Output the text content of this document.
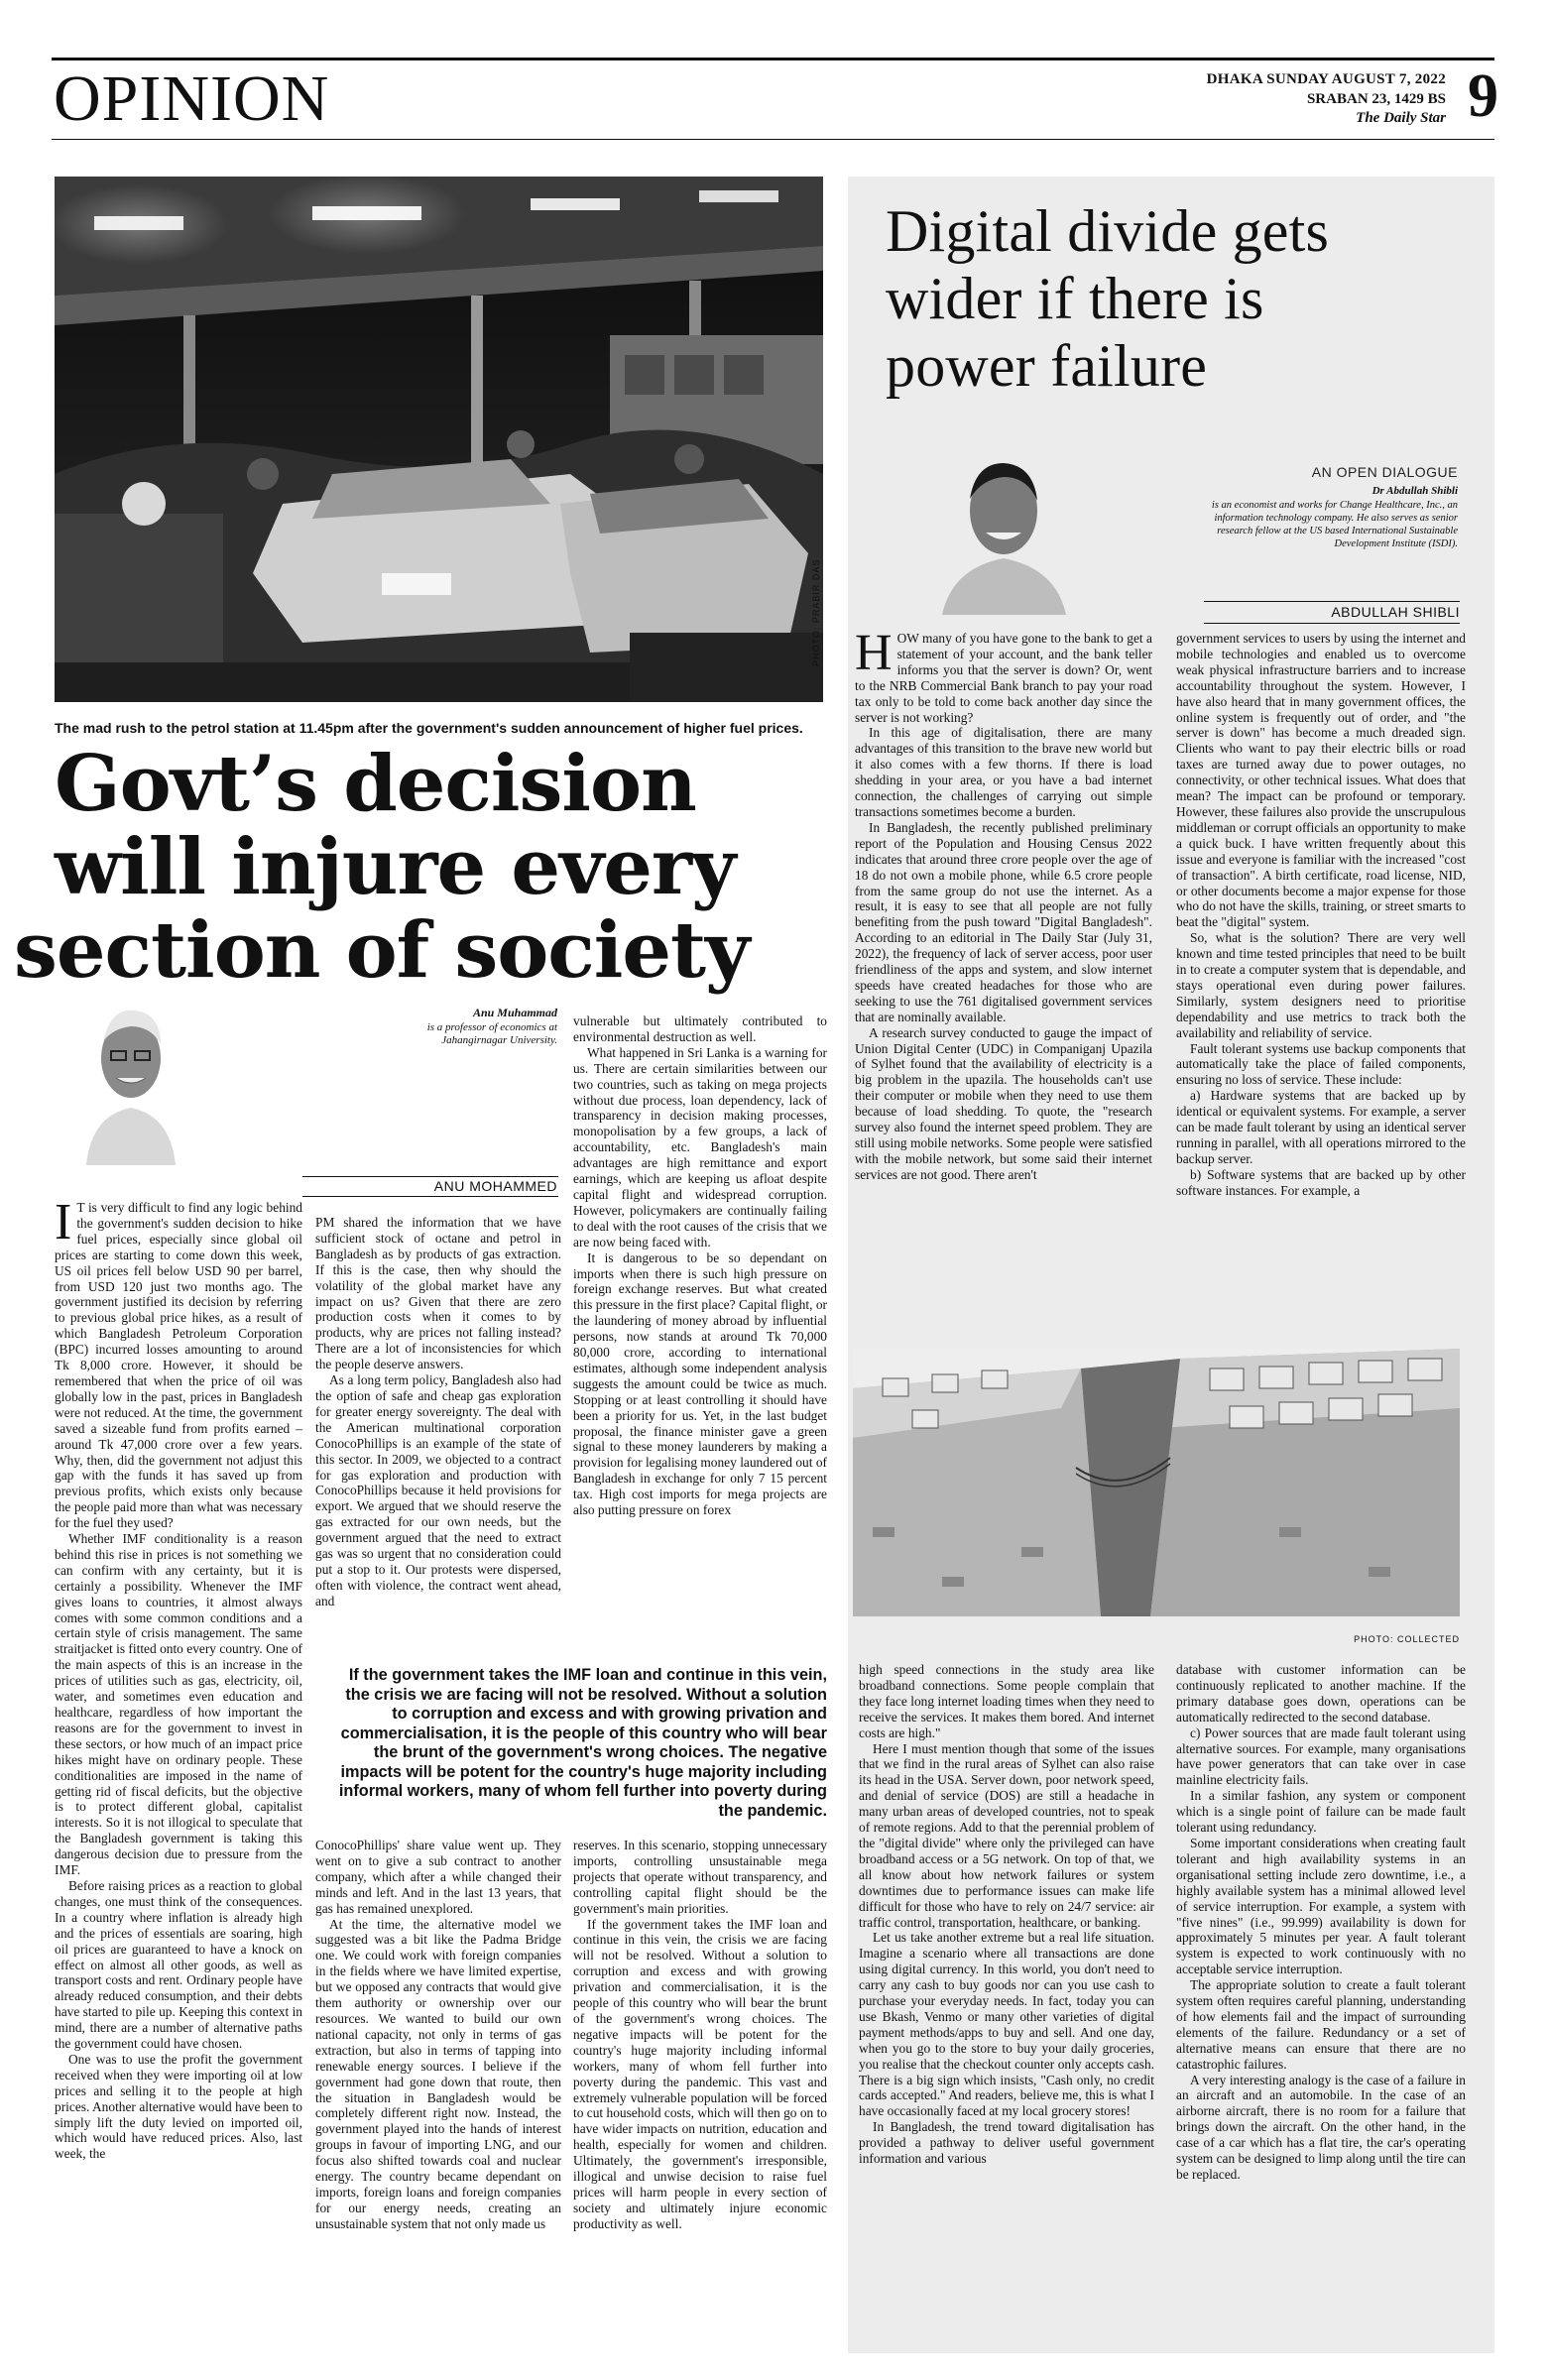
OPINION	DHAKA SUNDAY AUGUST 7, 2022
SRABAN 23, 1429 BS
The Daily Star 9
PHOTO: PRABIR DAS
The mad rush to the petrol station at 11.45pm after the government's sudden announcement of higher fuel prices.
Govt’s decision
will injure every
section of society
Anu Muhammad
is a professor of economics at Jahangirnagar University.
ANU MOHAMMED

I T is very difficult to find any logic behind the government's sudden decision to hike fuel prices, especially since global oil prices are starting to come down this week, US oil prices fell below USD 90 per barrel, from USD 120 just two months ago. The government justified its decision by referring to previous global price hikes, as a result of which Bangladesh Petroleum Corporation (BPC) incurred losses amounting to around Tk 8,000 crore. However, it should be remembered that when the price of oil was globally low in the past, prices in Bangladesh were not reduced. At the time, the government saved a sizeable fund from profits earned – around Tk 47,000 crore over a few years. Why, then, did the government not adjust this gap with the funds it has saved up from previous profits, which exists only because the people paid more than what was necessary for the fuel they used?

Whether IMF conditionality is a reason behind this rise in prices is not something we can confirm with any certainty, but it is certainly a possibility. Whenever the IMF gives loans to countries, it almost always comes with some common conditions and a certain style of crisis management. The same straitjacket is fitted onto every country. One of the main aspects of this is an increase in the prices of utilities such as gas, electricity, oil, water, and sometimes even education and healthcare, regardless of how important the reasons are for the government to invest in these sectors, or how much of an impact price hikes might have on ordinary people. These conditionalities are imposed in the name of getting rid of fiscal deficits, but the objective is to protect different global, capitalist interests. So it is not illogical to speculate that the Bangladesh government is taking this dangerous decision due to pressure from the IMF.

Before raising prices as a reaction to global changes, one must think of the consequences. In a country where inflation is already high and the prices of essentials are soaring, high oil prices are guaranteed to have a knock on effect on almost all other goods, as well as transport costs and rent. Ordinary people have already reduced consumption, and their debts have started to pile up. Keeping this context in mind, there are a number of alternative paths the government could have chosen.

One was to use the profit the government received when they were importing oil at low prices and selling it to the people at high prices. Another alternative would have been to simply lift the duty levied on imported oil, which would have reduced prices. Also, last week, the

PM shared the information that we have sufficient stock of octane and petrol in Bangladesh as by products of gas extraction. If this is the case, then why should the volatility of the global market have any impact on us? Given that there are zero production costs when it comes to by products, why are prices not falling instead? There are a lot of inconsistencies for which the people deserve answers.

As a long term policy, Bangladesh also had the option of safe and cheap gas exploration for greater energy sovereignty. The deal with the American multinational corporation ConocoPhillips is an example of the state of this sector. In 2009, we objected to a contract for gas exploration and production with ConocoPhillips because it held provisions for export. We argued that we should reserve the gas extracted for our own needs, but the government argued that the need to extract gas was so urgent that no consideration could put a stop to it. Our protests were dispersed, often with violence, the contract went ahead, and

vulnerable but ultimately contributed to environmental destruction as well.

What happened in Sri Lanka is a warning for us. There are certain similarities between our two countries, such as taking on mega projects without due process, loan dependency, lack of transparency in decision making processes, monopolisation by a few groups, a lack of accountability, etc. Bangladesh's main advantages are high remittance and export earnings, which are keeping us afloat despite capital flight and widespread corruption. However, policymakers are continually failing to deal with the root causes of the crisis that we are now being faced with.

It is dangerous to be so dependant on imports when there is such high pressure on foreign exchange reserves. But what created this pressure in the first place? Capital flight, or the laundering of money abroad by influential persons, now stands at around Tk 70,000 80,000 crore, according to international estimates, although some independent analysis suggests the amount could be twice as much. Stopping or at least controlling it should have been a priority for us. Yet, in the last budget proposal, the finance minister gave a green signal to these money launderers by making a provision for legalising money laundered out of Bangladesh in exchange for only 7 15 percent tax. High cost imports for mega projects are also putting pressure on forex

If the government takes the IMF loan and continue in this vein, the crisis we are facing will not be resolved. Without a solution to corruption and excess and with growing privation and commercialisation, it is the people of this country who will bear the brunt of the government's wrong choices. The negative impacts will be potent for the country's huge majority including informal workers, many of whom fell further into poverty during the pandemic.

ConocoPhillips' share value went up. They went on to give a sub contract to another company, which after a while changed their minds and left. And in the last 13 years, that gas has remained unexplored.

At the time, the alternative model we suggested was a bit like the Padma Bridge one. We could work with foreign companies in the fields where we have limited expertise, but we opposed any contracts that would give them authority or ownership over our resources. We wanted to build our own national capacity, not only in terms of gas extraction, but also in terms of tapping into renewable energy sources. I believe if the government had gone down that route, then the situation in Bangladesh would be completely different right now. Instead, the government played into the hands of interest groups in favour of importing LNG, and our focus also shifted towards coal and nuclear energy. The country became dependant on imports, foreign loans and foreign companies for our energy needs, creating an unsustainable system that not only made us

reserves. In this scenario, stopping unnecessary imports, controlling unsustainable mega projects that operate without transparency, and controlling capital flight should be the government's main priorities.

If the government takes the IMF loan and continue in this vein, the crisis we are facing will not be resolved. Without a solution to corruption and excess and with growing privation and commercialisation, it is the people of this country who will bear the brunt of the government's wrong choices. The negative impacts will be potent for the country's huge majority including informal workers, many of whom fell further into poverty during the pandemic. This vast and extremely vulnerable population will be forced to cut household costs, which will then go on to have wider impacts on nutrition, education and health, especially for women and children. Ultimately, the government's irresponsible, illogical and unwise decision to raise fuel prices will harm people in every section of society and ultimately injure economic productivity as well.

Digital divide gets
wider if there is
power failure
AN OPEN DIALOGUE
Dr Abdullah Shibli
is an economist and works for Change Healthcare, Inc., an information technology company. He also serves as senior research fellow at the US based International Sustainable Development Institute (ISDI).
ABDULLAH SHIBLI

HOW many of you have gone to the bank to get a statement of your account, and the bank teller informs you that the server is down? Or, went to the NRB Commercial Bank branch to pay your road tax only to be told to come back another day since the server is not working?

In this age of digitalisation, there are many advantages of this transition to the brave new world but it also comes with a few thorns. If there is load shedding in your area, or you have a bad internet connection, the challenges of carrying out simple transactions sometimes become a burden.

In Bangladesh, the recently published preliminary report of the Population and Housing Census 2022 indicates that around three crore people over the age of 18 do not own a mobile phone, while 6.5 crore people from the same group do not use the internet. As a result, it is easy to see that all people are not fully benefiting from the push toward "Digital Bangladesh". According to an editorial in The Daily Star (July 31, 2022), the frequency of lack of server access, poor user friendliness of the apps and system, and slow internet speeds have created headaches for those who are seeking to use the 761 digitalised government services that are nominally available.

A research survey conducted to gauge the impact of Union Digital Center (UDC) in Companiganj Upazila of Sylhet found that the availability of electricity is a big problem in the upazila. The households can't use their computer or mobile when they need to use them because of load shedding. To quote, the "research survey also found the internet speed problem. They are still using mobile networks. Some people were satisfied with the mobile network, but some said their internet services are not good. There aren't

government services to users by using the internet and mobile technologies and enabled us to overcome weak physical infrastructure barriers and to increase accountability throughout the system. However, I have also heard that in many government offices, the online system is frequently out of order, and "the server is down" has become a much dreaded sign. Clients who want to pay their electric bills or road taxes are turned away due to power outages, no connectivity, or other technical issues. What does that mean? The impact can be profound or temporary. However, these failures also provide the unscrupulous middleman or corrupt officials an opportunity to make a quick buck. I have written frequently about this issue and everyone is familiar with the increased "cost of transaction". A birth certificate, road license, NID, or other documents become a major expense for those who do not have the skills, training, or street smarts to beat the "digital" system.

So, what is the solution? There are very well known and time tested principles that need to be built in to create a computer system that is dependable, and stays operational even during power failures. Similarly, system designers need to prioritise dependability and use metrics to track both the availability and reliability of service.

Fault tolerant systems use backup components that automatically take the place of failed components, ensuring no loss of service. These include:

a) Hardware systems that are backed up by identical or equivalent systems. For example, a server can be made fault tolerant by using an identical server running in parallel, with all operations mirrored to the backup server.

b) Software systems that are backed up by other software instances. For example, a

PHOTO: COLLECTED

high speed connections in the study area like broadband connections. Some people complain that they face long internet loading times when they need to receive the services. It makes them bored. And internet costs are high."

Here I must mention though that some of the issues that we find in the rural areas of Sylhet can also raise its head in the USA. Server down, poor network speed, and denial of service (DOS) are still a headache in many urban areas of developed countries, not to speak of remote regions. Add to that the perennial problem of the "digital divide" where only the privileged can have broadband access or a 5G network. On top of that, we all know about how network failures or system downtimes due to performance issues can make life difficult for those who have to rely on 24/7 service: air traffic control, transportation, healthcare, or banking.

Let us take another extreme but a real life situation. Imagine a scenario where all transactions are done using digital currency. In this world, you don't need to carry any cash to buy goods nor can you use cash to purchase your everyday needs. In fact, today you can use Bkash, Venmo or many other varieties of digital payment methods/apps to buy and sell. And one day, when you go to the store to buy your daily groceries, you realise that the checkout counter only accepts cash. There is a big sign which insists, "Cash only, no credit cards accepted." And readers, believe me, this is what I have occasionally faced at my local grocery stores!

In Bangladesh, the trend toward digitalisation has provided a pathway to deliver useful government information and various

database with customer information can be continuously replicated to another machine. If the primary database goes down, operations can be automatically redirected to the second database.

c) Power sources that are made fault tolerant using alternative sources. For example, many organisations have power generators that can take over in case mainline electricity fails.

In a similar fashion, any system or component which is a single point of failure can be made fault tolerant using redundancy.

Some important considerations when creating fault tolerant and high availability systems in an organisational setting include zero downtime, i.e., a highly available system has a minimal allowed level of service interruption. For example, a system with "five nines" (i.e., 99.999) availability is down for approximately 5 minutes per year. A fault tolerant system is expected to work continuously with no acceptable service interruption.

The appropriate solution to create a fault tolerant system often requires careful planning, understanding of how elements fail and the impact of surrounding elements of the failure. Redundancy or a set of alternative means can ensure that there are no catastrophic failures.

A very interesting analogy is the case of a failure in an aircraft and an automobile. In the case of an airborne aircraft, there is no room for a failure that brings down the aircraft. On the other hand, in the case of a car which has a flat tire, the car's operating system can be designed to limp along until the tire can be replaced.
